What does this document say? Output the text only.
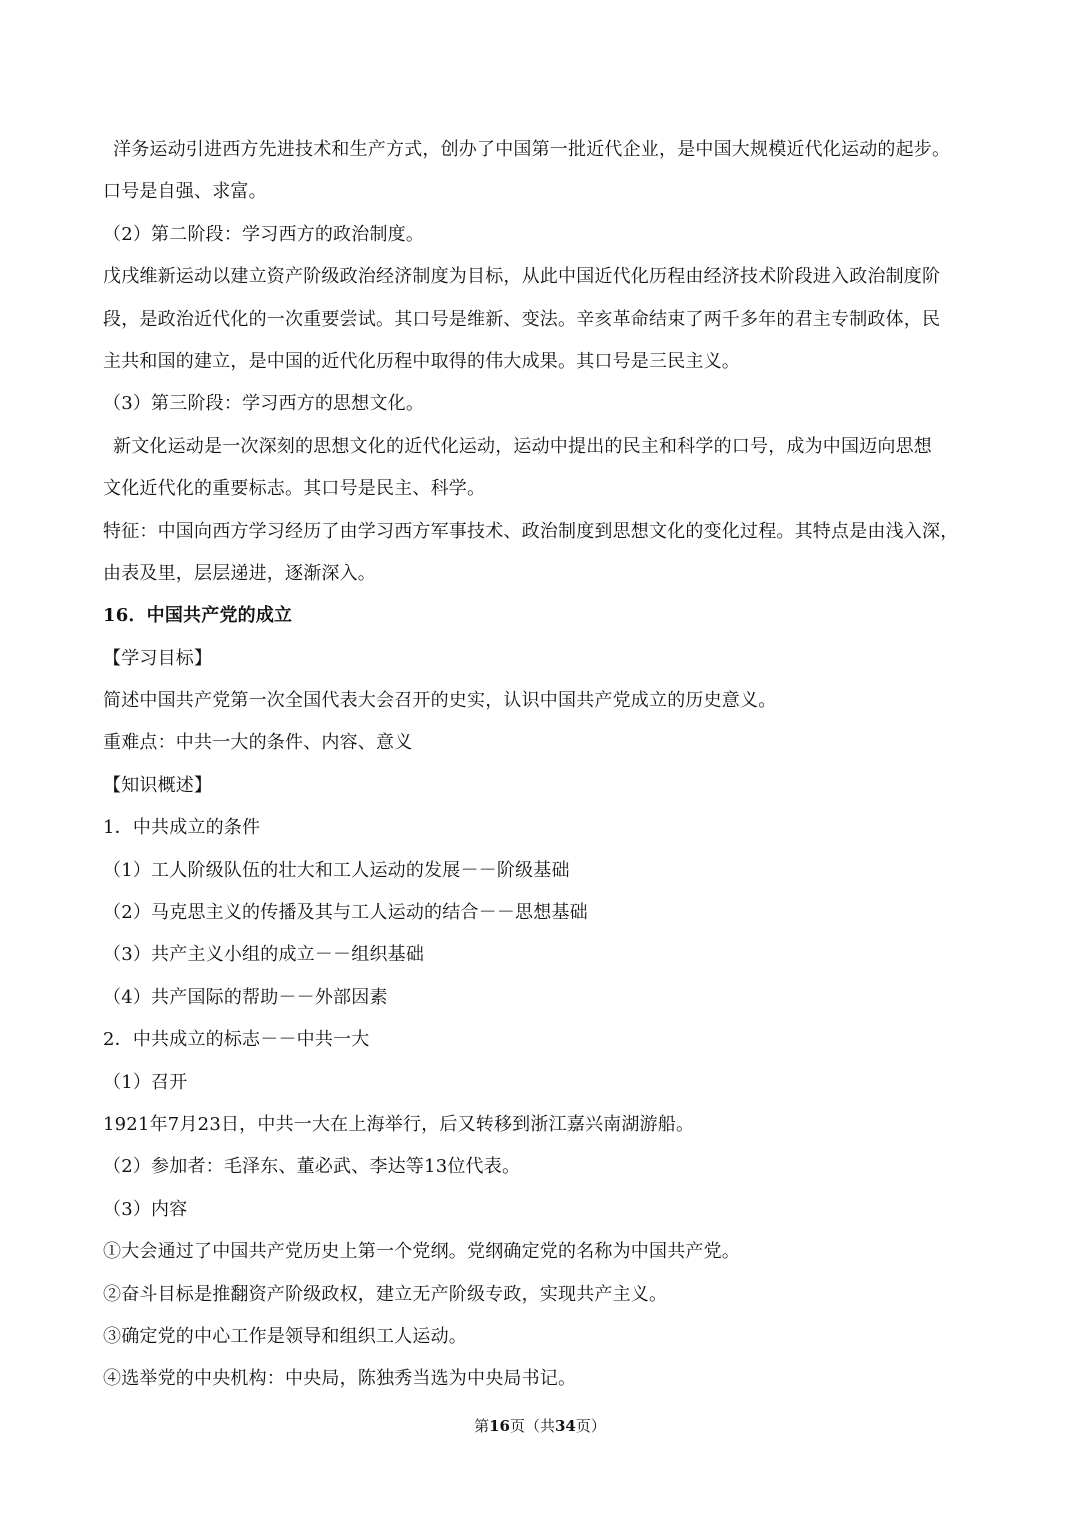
洋务运动引进西方先进技术和生产方式，创办了中国第一批近代企业，是中国大规模近代化运动的起步。
口号是自强、求富。
（2）第二阶段：学习西方的政治制度。
戊戌维新运动以建立资产阶级政治经济制度为目标，从此中国近代化历程由经济技术阶段进入政治制度阶
段，是政治近代化的一次重要尝试。其口号是维新、变法。辛亥革命结束了两千多年的君主专制政体，民
主共和国的建立，是中国的近代化历程中取得的伟大成果。其口号是三民主义。
（3）第三阶段：学习西方的思想文化。
新文化运动是一次深刻的思想文化的近代化运动，运动中提出的民主和科学的口号，成为中国迈向思想
文化近代化的重要标志。其口号是民主、科学。
特征：中国向西方学习经历了由学习西方军事技术、政治制度到思想文化的变化过程。其特点是由浅入深，
由表及里，层层递进，逐渐深入。
16．中国共产党的成立
【学习目标】
简述中国共产党第一次全国代表大会召开的史实，认识中国共产党成立的历史意义。
重难点：中共一大的条件、内容、意义
【知识概述】
1．中共成立的条件
（1）工人阶级队伍的壮大和工人运动的发展－－阶级基础
（2）马克思主义的传播及其与工人运动的结合－－思想基础
（3）共产主义小组的成立－－组织基础
（4）共产国际的帮助－－外部因素
2．中共成立的标志－－中共一大
（1）召开
1921年7月23日，中共一大在上海举行，后又转移到浙江嘉兴南湖游船。
（2）参加者：毛泽东、董必武、李达等13位代表。
（3）内容
①大会通过了中国共产党历史上第一个党纲。党纲确定党的名称为中国共产党。
②奋斗目标是推翻资产阶级政权，建立无产阶级专政，实现共产主义。
③确定党的中心工作是领导和组织工人运动。
④选举党的中央机构：中央局，陈独秀当选为中央局书记。
第16页（共34页）
